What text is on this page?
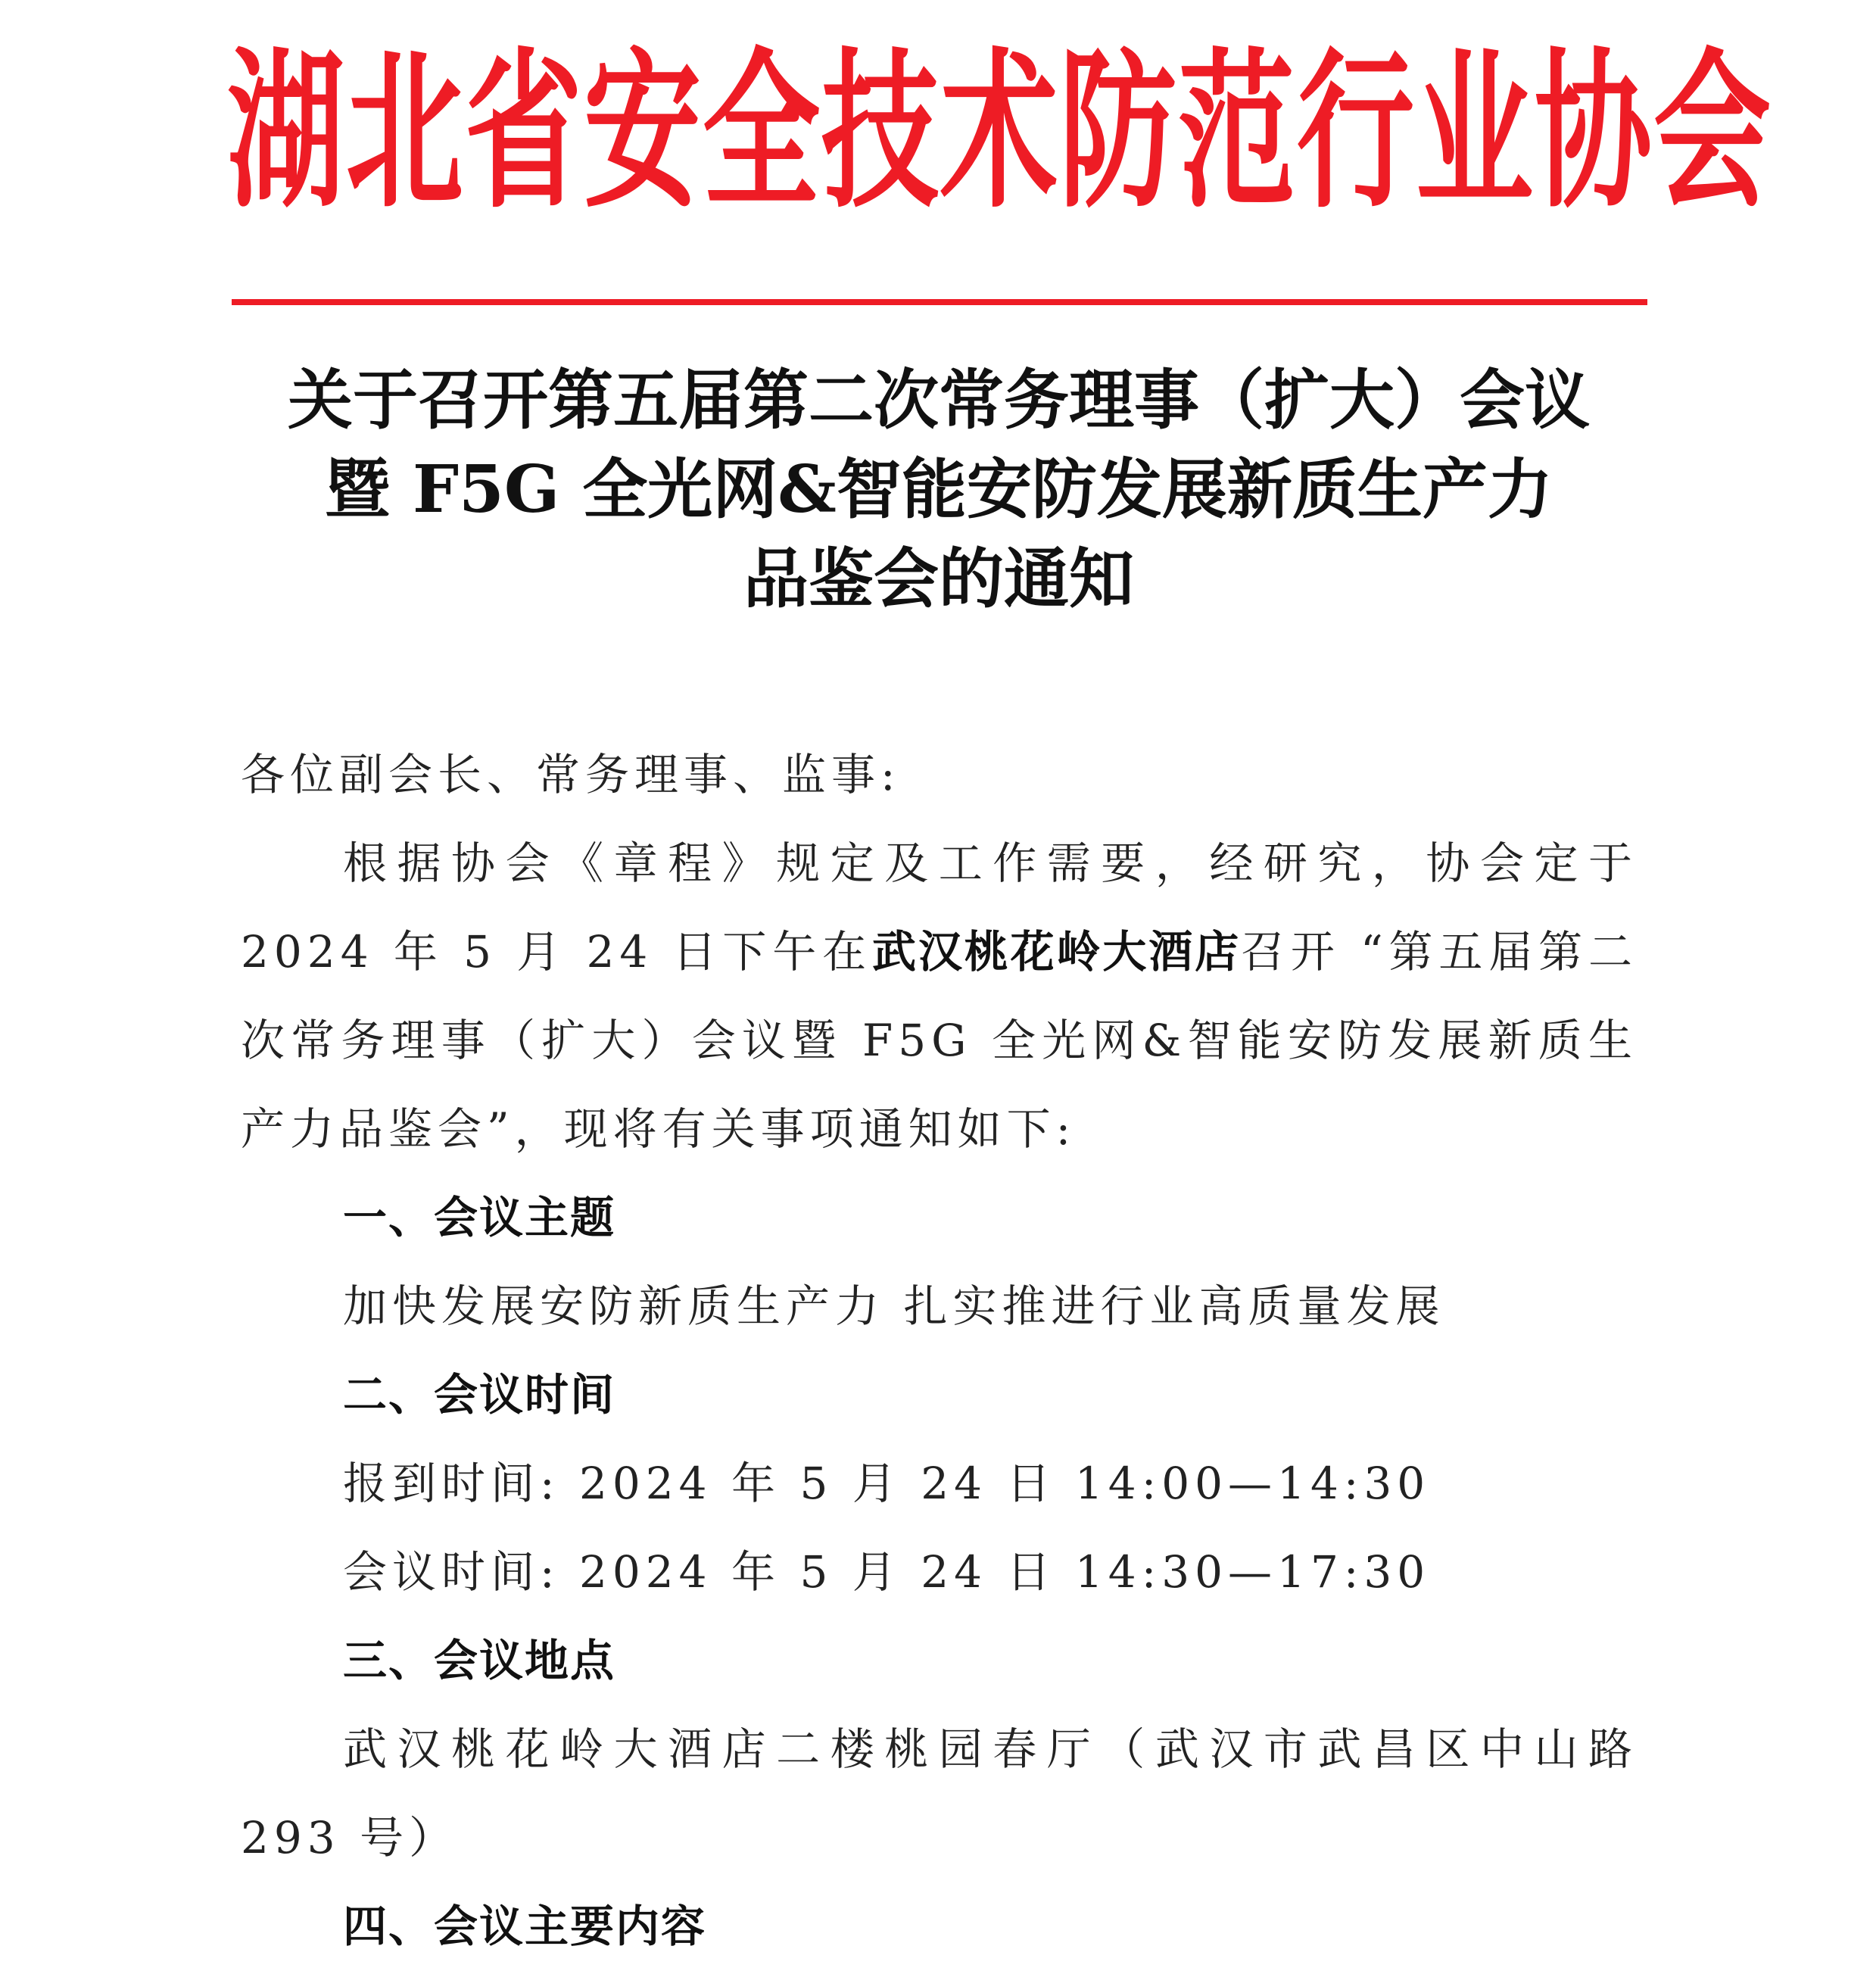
湖北省安全技术防范行业协会
关于召开第五届第二次常务理事（扩大）会议
暨 F5G 全光网&智能安防发展新质生产力
品鉴会的通知

各位副会长、常务理事、监事:

根据协会《章程》规定及工作需要，经研究，协会定于 2024 年 5 月 24 日下午在武汉桃花岭大酒店召开 “第五届第二次常务理事（扩大）会议暨 F5G 全光网&智能安防发展新质生产力品鉴会”，现将有关事项通知如下:

一、会议主题

加快发展安防新质生产力 扎实推进行业高质量发展

二、会议时间

报到时间: 2024 年 5 月 24 日 14:00—14:30

会议时间: 2024 年 5 月 24 日 14:30—17:30

三、会议地点

武汉桃花岭大酒店二楼桃园春厅（武汉市武昌区中山路 293 号）

四、会议主要内容
